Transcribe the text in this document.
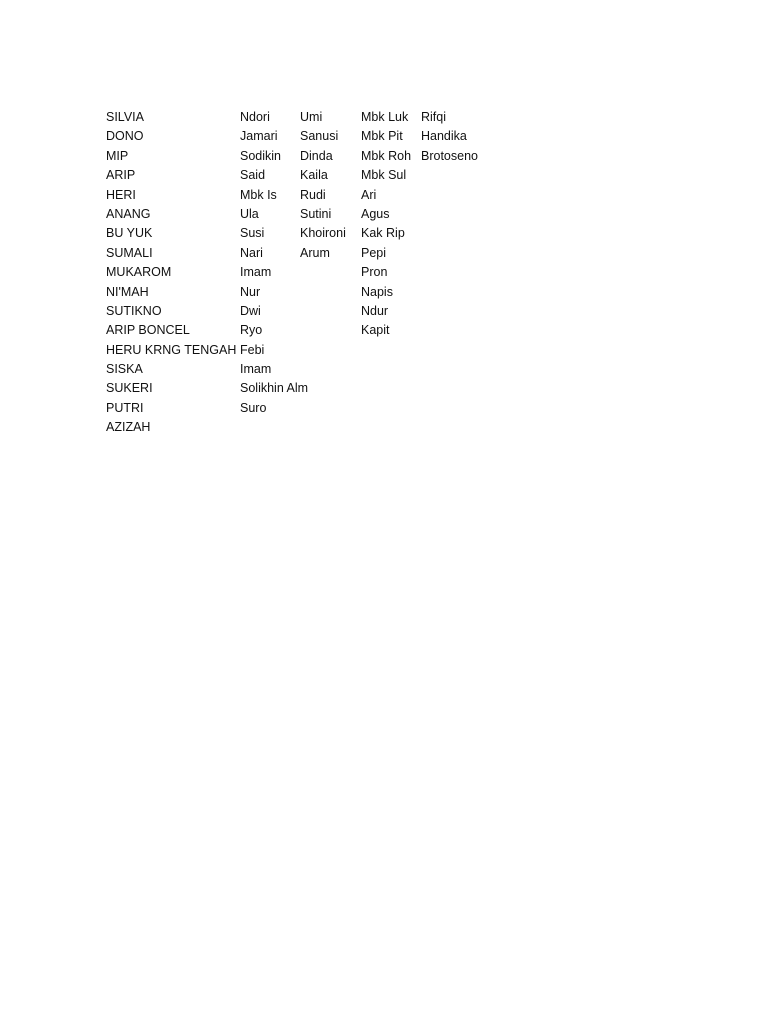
SILVIA
DONO
MIP
ARIP
HERI
ANANG
BU YUK
SUMALI
MUKAROM
NI'MAH
SUTIKNO
ARIP BONCEL
HERU KRNG TENGAH
SISKA
SUKERI
PUTRI
AZIZAH
Ndori
Jamari
Sodikin
Said
Mbk Is
Ula
Susi
Nari
Imam
Nur
Dwi
Ryo
Febi
Imam
Solikhin Alm
Suro
Umi
Sanusi
Dinda
Kaila
Rudi
Sutini
Khoironi
Arum
Mbk Luk
Mbk Pit
Mbk Roh
Mbk Sul
Ari
Agus
Kak Rip
Pepi
Pron
Napis
Ndur
Kapit
Rifqi
Handika
Brotoseno
